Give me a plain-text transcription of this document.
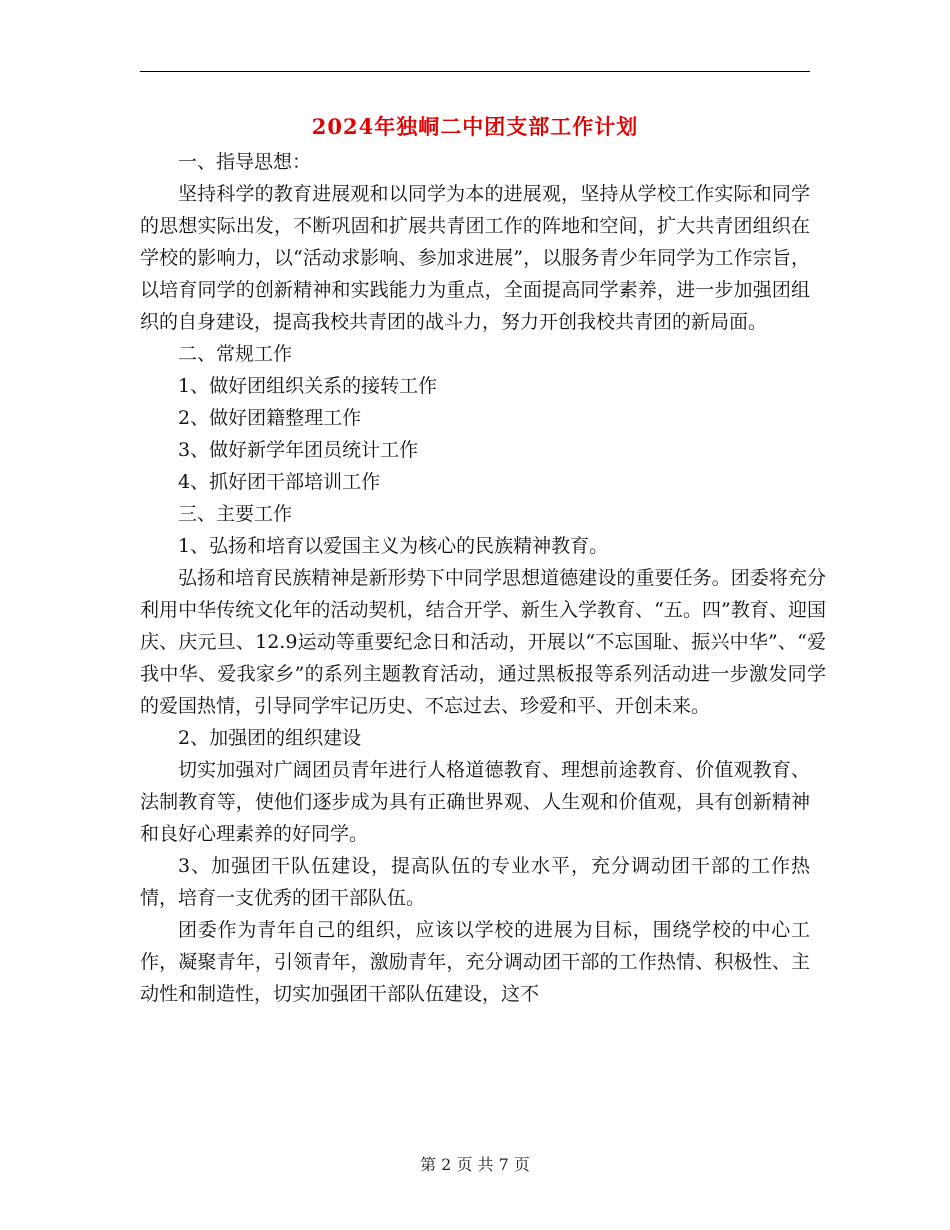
2024年独峒二中团支部工作计划

一、指导思想：

坚持科学的教育进展观和以同学为本的进展观，坚持从学校工作实际和同学的思想实际出发，不断巩固和扩展共青团工作的阵地和空间，扩大共青团组织在学校的影响力，以“活动求影响、参加求进展”，以服务青少年同学为工作宗旨，以培育同学的创新精神和实践能力为重点，全面提高同学素养，进一步加强团组织的自身建设，提高我校共青团的战斗力，努力开创我校共青团的新局面。

二、常规工作

1、做好团组织关系的接转工作

2、做好团籍整理工作

3、做好新学年团员统计工作

4、抓好团干部培训工作

三、主要工作

1、弘扬和培育以爱国主义为核心的民族精神教育。

弘扬和培育民族精神是新形势下中同学思想道德建设的重要任务。团委将充分利用中华传统文化年的活动契机，结合开学、新生入学教育、“五。四”教育、迎国庆、庆元旦、12.9运动等重要纪念日和活动，开展以“不忘国耻、振兴中华”、“爱我中华、爱我家乡”的系列主题教育活动，通过黑板报等系列活动进一步激发同学的爱国热情，引导同学牢记历史、不忘过去、珍爱和平、开创未来。

2、加强团的组织建设

切实加强对广阔团员青年进行人格道德教育、理想前途教育、价值观教育、法制教育等，使他们逐步成为具有正确世界观、人生观和价值观，具有创新精神和良好心理素养的好同学。

3、加强团干队伍建设，提高队伍的专业水平，充分调动团干部的工作热情，培育一支优秀的团干部队伍。

团委作为青年自己的组织，应该以学校的进展为目标，围绕学校的中心工作，凝聚青年，引领青年，激励青年，充分调动团干部的工作热情、积极性、主动性和制造性，切实加强团干部队伍建设，这不

第 2 页 共 7 页
